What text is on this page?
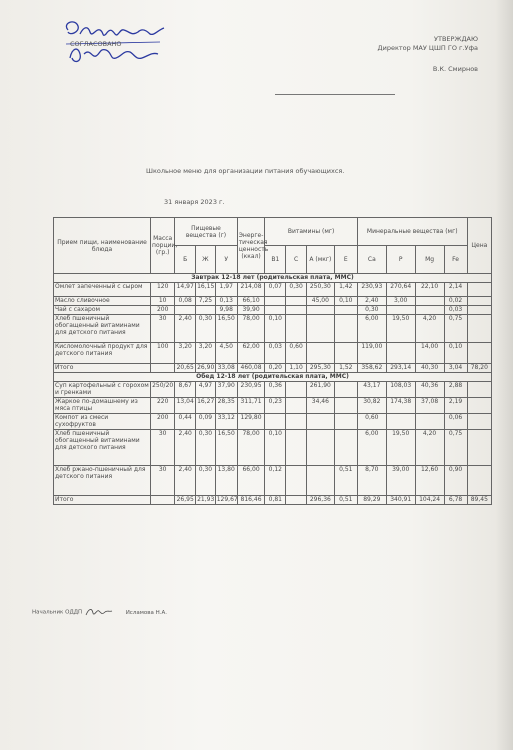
СОГЛАСОВАНО
УТВЕРЖДАЮ
Директор МАУ ЦШП ГО г.Уфа
В.К. Смирнов
Школьное меню для организации питания обучающихся.
31 января 2023 г.
Прием пищи, наименование блюда	Масса порции, (гр.)	Пищевые вещества (г)			Энерге-тическая ценность (ккал)	Витамины (мг)				Минеральные вещества (мг)				Цена
		Б	Ж	У		В1	С	А (мкг)	Е	Са	Р	Mg	Fe	
Завтрак 12-18 лет (родительская плата, ММС)														
Омлет запеченный с сыром	120	14,97	16,15	1,97	214,08	0,07	0,30	250,30	1,42	230,93	270,64	22,10	2,14	
Масло сливочное	10	0,08	7,25	0,13	66,10			45,00	0,10	2,40	3,00		0,02	
Чай с сахаром	200			9,98	39,90					0,30			0,03	
Хлеб пшеничный обогащенный витаминами для детского питания	30	2,40	0,30	16,50	78,00	0,10				6,00	19,50	4,20	0,75	
Кисломолочный продукт для детского питания	100	3,20	3,20	4,50	62,00	0,03	0,60			119,00		14,00	0,10	
Итого		20,65	26,90	33,08	460,08	0,20	1,10	295,30	1,52	358,62	293,14	40,30	3,04	78,20
Обед 12-18 лет (родительская плата, ММС)														
Суп картофельный с горохом и гренками	250/20	8,67	4,97	37,90	230,95	0,36		261,90		43,17	108,03	40,36	2,88	
Жаркое по-домашнему из мяса птицы	220	13,04	16,27	28,35	311,71	0,23		34,46		30,82	174,38	37,08	2,19	
Компот из смеси сухофруктов	200	0,44	0,09	33,12	129,80					0,60			0,06	
Хлеб пшеничный обогащенный витаминами для детского питания	30	2,40	0,30	16,50	78,00	0,10				6,00	19,50	4,20	0,75	
Хлеб ржано-пшеничный для детского питания	30	2,40	0,30	13,80	66,00	0,12			0,51	8,70	39,00	12,60	0,90	
Итого		26,95	21,93	129,67	816,46	0,81		296,36	0,51	89,29	340,91	104,24	6,78	89,45
Начальник ОДДП	Исламова Н.А.
